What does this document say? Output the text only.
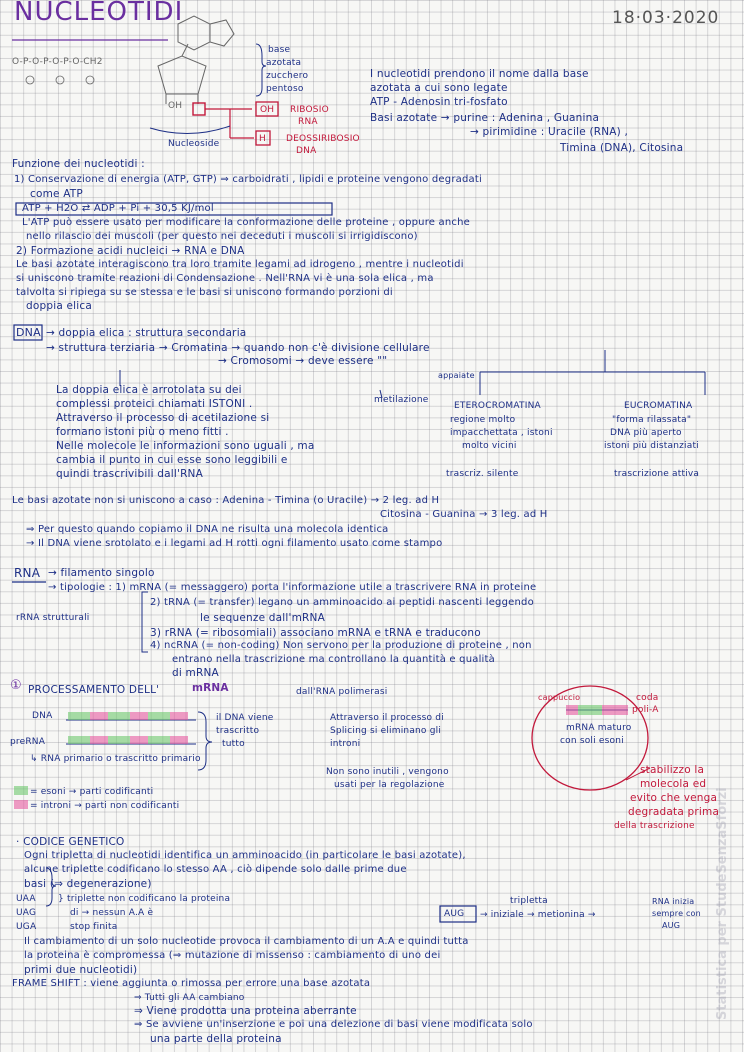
NUCLEOTIDI	18·03·2020
O-P-O-P-O-P-O-CH2
OH
Nucleoside
OH
H
RIBOSIO
RNA
DEOSSIRIBOSIO
DNA
base
azotata
zucchero
pentoso
I nucleotidi prendono il nome dalla base
azotata a cui sono legate
ATP - Adenosin tri-fosfato
Basi azotate → purine : Adenina , Guanina
→ pirimidine : Uracile (RNA) ,
Timina (DNA), Citosina
Funzione dei nucleotidi :
1) Conservazione di energia (ATP, GTP) ⇒ carboidrati , lipidi e proteine vengono degradati
come ATP
ATP + H2O ⇄ ADP + Pi + 30,5 KJ/mol
L'ATP può essere usato per modificare la conformazione delle proteine , oppure anche
nello rilascio dei muscoli (per questo nei deceduti i muscoli si irrigidiscono)
2) Formazione acidi nucleici → RNA e DNA
Le basi azotate interagiscono tra loro tramite legami ad idrogeno , mentre i nucleotidi
si uniscono tramite reazioni di Condensazione . Nell'RNA vi è una sola elica , ma
talvolta si ripiega su se stessa e le basi si uniscono formando porzioni di
doppia elica
DNA → doppia elica : struttura secondaria
→ struttura terziaria → Cromatina → quando non c'è divisione cellulare
→ Cromosomi → deve essere ""
appaiate
La doppia elica è arrotolata su dei
complessi proteici chiamati ISTONI .
Attraverso il processo di acetilazione si
formano istoni più o meno fitti .
Nelle molecole le informazioni sono uguali , ma
cambia il punto in cui esse sono leggibili e
quindi trascrivibili dall'RNA
metilazione
ETEROCROMATINA
regione molto
impacchettata , istoni
molto vicini
trascriz. silente
EUCROMATINA
"forma rilassata"
DNA più aperto
istoni più distanziati
trascrizione attiva
Le basi azotate non si uniscono a caso : Adenina - Timina (o Uracile) → 2 leg. ad H
Citosina - Guanina → 3 leg. ad H
⇒ Per questo quando copiamo il DNA ne risulta una molecola identica
→ Il DNA viene srotolato e i legami ad H rotti ogni filamento usato come stampo
RNA → filamento singolo
→ tipologie : 1) mRNA (= messaggero) porta l'informazione utile a trascrivere RNA in proteine
2) tRNA (= transfer) legano un amminoacido ai peptidi nascenti leggendo
rRNA strutturali	le sequenze dall'mRNA
3) rRNA (= ribosomiali) associano mRNA e tRNA e traducono
4) ncRNA (= non-coding) Non servono per la produzione di proteine , non
entrano nella trascrizione ma controllano la quantità e qualità
di mRNA
① PROCESSAMENTO DELL'	mRNA	dall'RNA polimerasi
DNA
preRNA
il DNA viene
trascritto
tutto
Attraverso il processo di
Splicing si eliminano gli
introni
↳ RNA primario o trascritto primario
cappuccio	coda
poli-A
mRNA maturo
con soli esoni
Non sono inutili , vengono
usati per la regolazione
= esoni → parti codificanti
= introni → parti non codificanti
stabilizzo la
molecola ed
evito che venga
degradata prima
della trascrizione
· CODICE GENETICO
Ogni tripletta di nucleotidi identifica un amminoacido (in particolare le basi azotate),
alcune triplette codificano lo stesso AA , ciò dipende solo dalle prime due
basi (⇒ degenerazione)
UAA
UAG
UGA
} triplette non codificano la proteina
di → nessun A.A è
stop finita
AUG
tripletta
→ iniziale → metionina →
RNA inizia
sempre con
AUG
Il cambiamento di un solo nucleotide provoca il cambiamento di un A.A e quindi tutta
la proteina è compromessa (⇒ mutazione di missenso : cambiamento di uno dei
primi due nucleotidi)
FRAME SHIFT : viene aggiunta o rimossa per errore una base azotata
⇒ Tutti gli AA cambiano
⇒ Viene prodotta una proteina aberrante
⇒ Se avviene un'inserzione e poi una delezione di basi viene modificata solo
una parte della proteina
Statistica per StudeSenzaSforzi
